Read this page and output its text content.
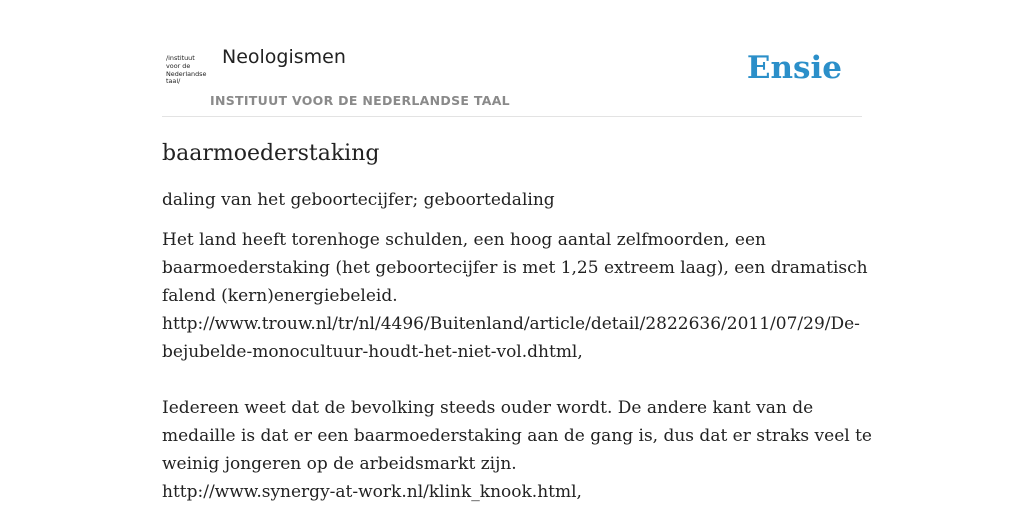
/instituut
voor de
Nederlandse
taal/
Neologismen
INSTITUUT VOOR DE NEDERLANDSE TAAL
Ensie
baarmoederstaking

daling van het geboortecijfer; geboortedaling

Het land heeft torenhoge schulden, een hoog aantal zelfmoorden, een
baarmoederstaking (het geboortecijfer is met 1,25 extreem laag), een dramatisch
falend (kern)energiebeleid.
http://www.trouw.nl/tr/nl/4496/Buitenland/article/detail/2822636/2011/07/29/De-
bejubelde-monocultuur-houdt-het-niet-vol.dhtml,
Iedereen weet dat de bevolking steeds ouder wordt. De andere kant van de
medaille is dat er een baarmoederstaking aan de gang is, dus dat er straks veel te
weinig jongeren op de arbeidsmarkt zijn.
http://www.synergy-at-work.nl/klink_knook.html,
